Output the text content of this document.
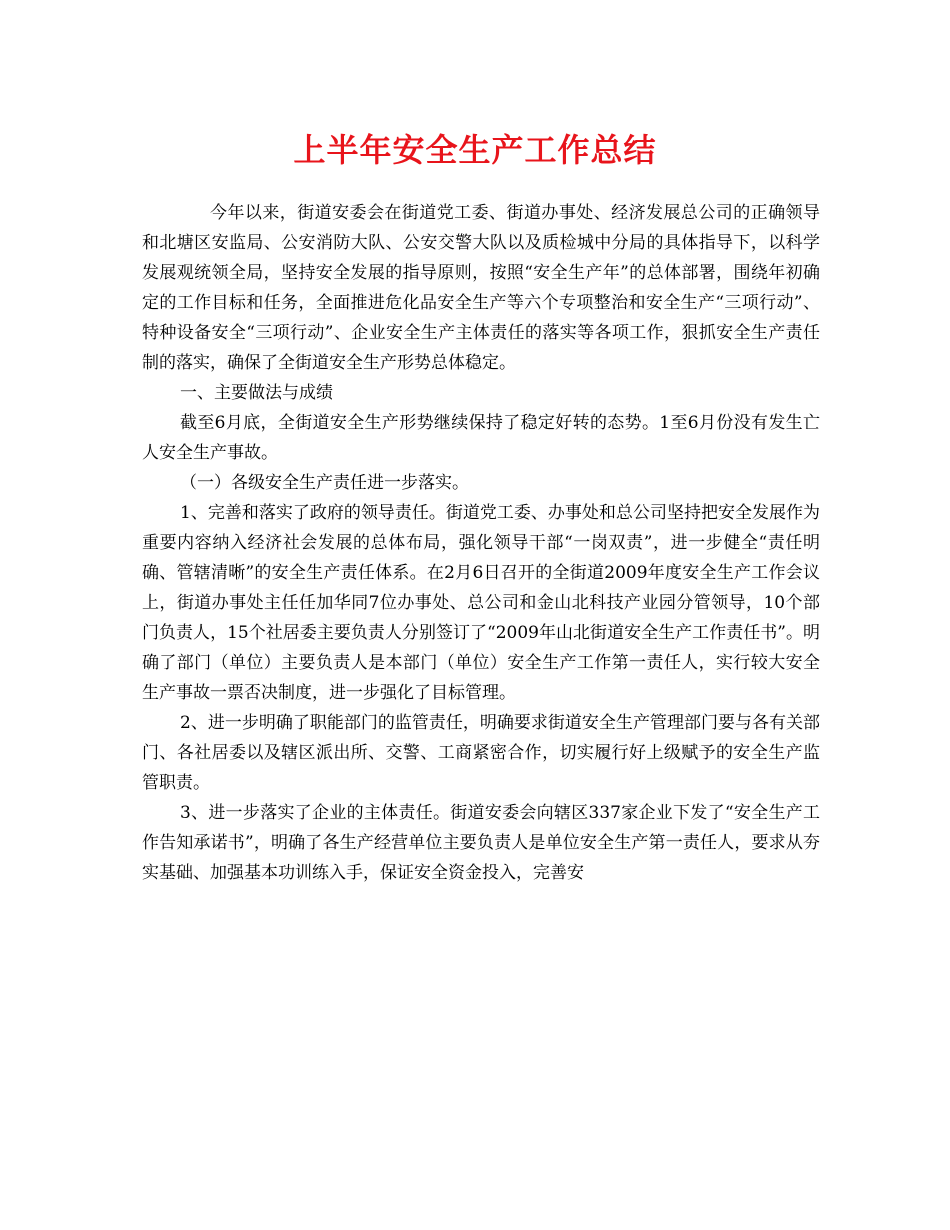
上半年安全生产工作总结

今年以来，街道安委会在街道党工委、街道办事处、经济发展总公司的正确领导和北塘区安监局、公安消防大队、公安交警大队以及质检城中分局的具体指导下，以科学发展观统领全局，坚持安全发展的指导原则，按照“安全生产年”的总体部署，围绕年初确定的工作目标和任务，全面推进危化品安全生产等六个专项整治和安全生产“三项行动”、特种设备安全“三项行动”、企业安全生产主体责任的落实等各项工作，狠抓安全生产责任制的落实，确保了全街道安全生产形势总体稳定。

一、主要做法与成绩

截至6月底，全街道安全生产形势继续保持了稳定好转的态势。1至6月份没有发生亡人安全生产事故。

（一）各级安全生产责任进一步落实。

1、完善和落实了政府的领导责任。街道党工委、办事处和总公司坚持把安全发展作为重要内容纳入经济社会发展的总体布局，强化领导干部“一岗双责”，进一步健全“责任明确、管辖清晰”的安全生产责任体系。在2月6日召开的全街道2009年度安全生产工作会议上，街道办事处主任任加华同7位办事处、总公司和金山北科技产业园分管领导，10个部门负责人，15个社居委主要负责人分别签订了“2009年山北街道安全生产工作责任书”。明确了部门（单位）主要负责人是本部门（单位）安全生产工作第一责任人，实行较大安全生产事故一票否决制度，进一步强化了目标管理。

2、进一步明确了职能部门的监管责任，明确要求街道安全生产管理部门要与各有关部门、各社居委以及辖区派出所、交警、工商紧密合作，切实履行好上级赋予的安全生产监管职责。

3、进一步落实了企业的主体责任。街道安委会向辖区337家企业下发了“安全生产工作告知承诺书”，明确了各生产经营单位主要负责人是单位安全生产第一责任人，要求从夯实基础、加强基本功训练入手，保证安全资金投入，完善安
